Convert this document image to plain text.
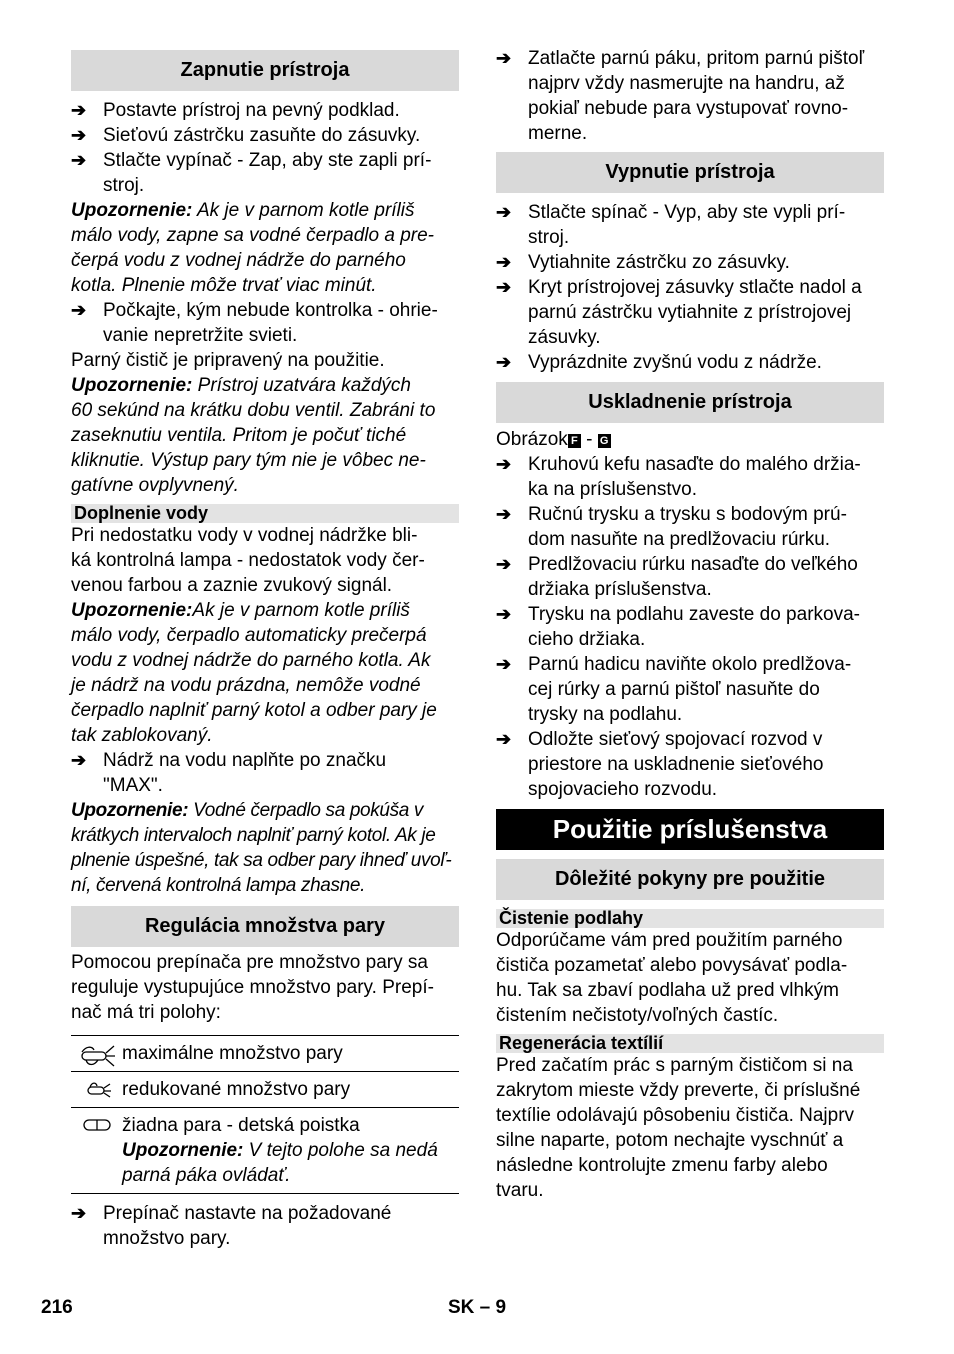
Zapnutie prístroja
➔ Postavte prístroj na pevný podklad.
➔ Sieťovú zástrčku zasuňte do zásuvky.
➔ Stlačte vypínač - Zap, aby ste zapli prí-
stroj.
Upozornenie: Ak je v parnom kotle príliš
málo vody, zapne sa vodné čerpadlo a pre-
čerpá vodu z vodnej nádrže do parného
kotla. Plnenie môže trvať viac minút.
➔ Počkajte, kým nebude kontrolka - ohrie-
vanie nepretržite svieti.
Parný čistič je pripravený na použitie.
Upozornenie: Prístroj uzatvára každých
60 sekúnd na krátku dobu ventil. Zabráni to
zaseknutiu ventila. Pritom je počuť tiché
kliknutie. Výstup pary tým nie je vôbec ne-
gatívne ovplyvnený.
Doplnenie vody
Pri nedostatku vody v vodnej nádržke bli-
ká kontrolná lampa - nedostatok vody čer-
venou farbou a zaznie zvukový signál.
Upozornenie:Ak je v parnom kotle príliš
málo vody, čerpadlo automaticky prečerpá
vodu z vodnej nádrže do parného kotla. Ak
je nádrž na vodu prázdna, nemôže vodné
čerpadlo naplniť parný kotol a odber pary je
tak zablokovaný.
➔ Nádrž na vodu naplňte po značku
"MAX".
Upozornenie: Vodné čerpadlo sa pokúša v
krátkych intervaloch naplniť parný kotol. Ak je
plnenie úspešné, tak sa odber pary ihneď uvoľ-
ní, červená kontrolná lampa zhasne.
Regulácia množstva pary
Pomocou prepínača pre množstvo pary sa
reguluje vystupujúce množstvo pary. Prepí-
nač má tri polohy:
maximálne množstvo pary
redukované množstvo pary
žiadna para - detská poistka
Upozornenie: V tejto polohe sa nedá
parná páka ovládať.
➔ Prepínač nastavte na požadované
množstvo pary.
➔ Zatlačte parnú páku, pritom parnú pištoľ
najprv vždy nasmerujte na handru, až
pokiaľ nebude para vystupovať rovno-
merne.
Vypnutie prístroja
➔ Stlačte spínač - Vyp, aby ste vypli prí-
stroj.
➔ Vytiahnite zástrčku zo zásuvky.
➔ Kryt prístrojovej zásuvky stlačte nadol a
parnú zástrčku vytiahnite z prístrojovej
zásuvky.
➔ Vyprázdnite zvyšnú vodu z nádrže.
Uskladnenie prístroja
Obrázok F - G
➔ Kruhovú kefu nasaďte do malého držia-
ka na príslušenstvo.
➔ Ručnú trysku a trysku s bodovým prú-
dom nasuňte na predlžovaciu rúrku.
➔ Predlžovaciu rúrku nasaďte do veľkého
držiaka príslušenstva.
➔ Trysku na podlahu zaveste do parkova-
cieho držiaka.
➔ Parnú hadicu naviňte okolo predlžova-
cej rúrky a parnú pištoľ nasuňte do
trysky na podlahu.
➔ Odložte sieťový spojovací rozvod v
priestore na uskladnenie sieťového
spojovacieho rozvodu.
Použitie príslušenstva
Dôležité pokyny pre použitie
Čistenie podlahy
Odporúčame vám pred použitím parného
čističa pozametať alebo povysávať podla-
hu. Tak sa zbaví podlaha už pred vlhkým
čistením nečistoty/voľných častíc.
Regenerácia textílií
Pred začatím prác s parným čističom si na
zakrytom mieste vždy preverte, či príslušné
textílie odolávajú pôsobeniu čističa. Najprv
silne naparte, potom nechajte vyschnúť a
následne kontrolujte zmenu farby alebo
tvaru.
216	SK – 9
